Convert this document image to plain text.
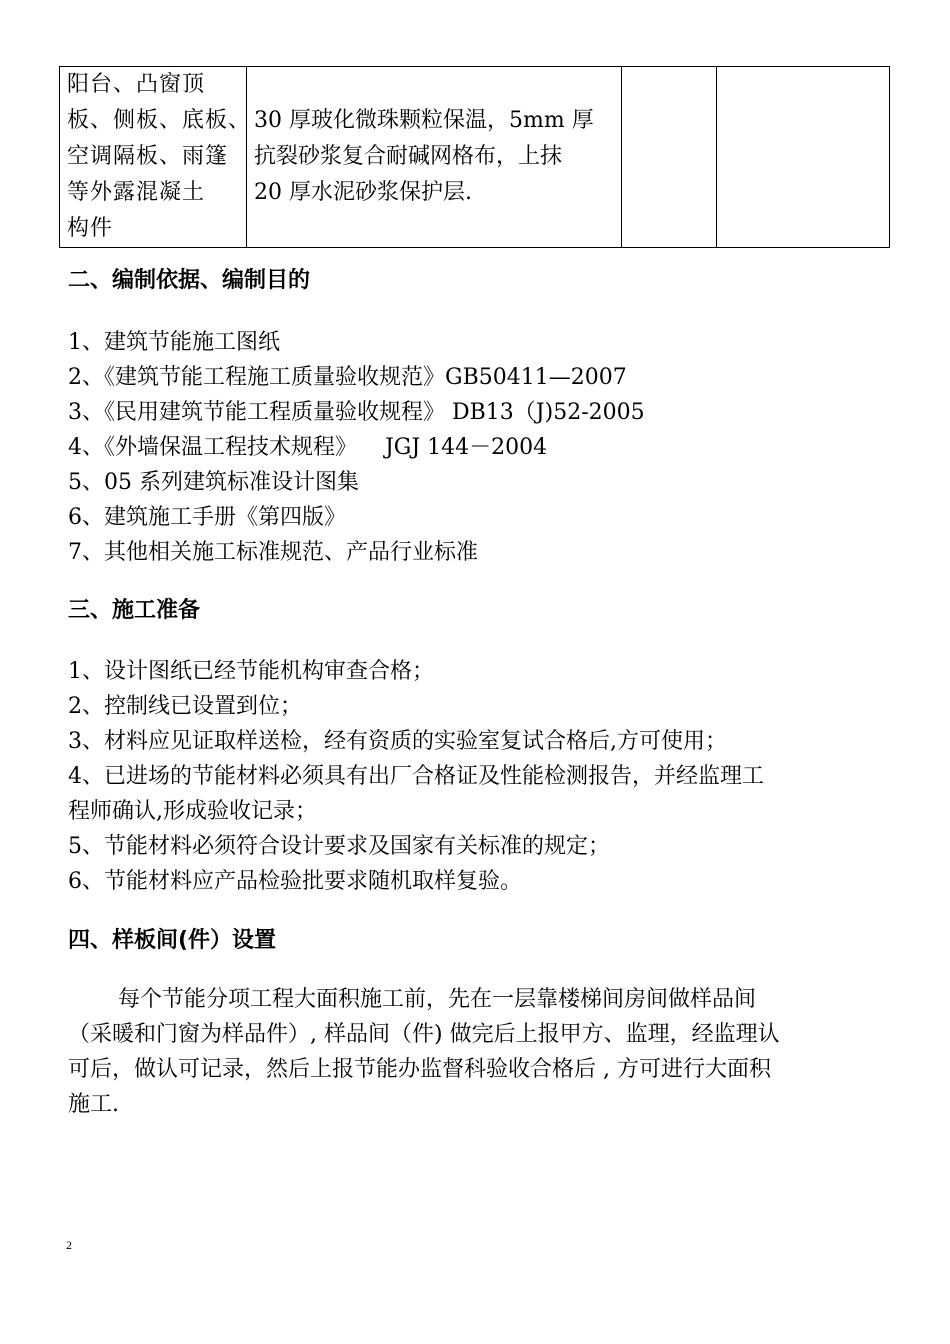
阳台、凸窗顶
板、侧板、底板、
空调隔板、雨篷
等外露混凝土
构件

30 厚玻化微珠颗粒保温，5mm 厚
抗裂砂浆复合耐碱网格布，上抹
20 厚水泥砂浆保护层.

二、编制依据、编制目的
1、建筑节能施工图纸
2、《建筑节能工程施工质量验收规范》GB50411—2007
3、《民用建筑节能工程质量验收规程》 DB13（J)52-2005
4、《外墙保温工程技术规程》    JGJ 144－2004
5、05 系列建筑标准设计图集
6、建筑施工手册《第四版》
7、其他相关施工标准规范、产品行业标准
三、施工准备
1、设计图纸已经节能机构审查合格；
2、控制线已设置到位；
3、材料应见证取样送检，经有资质的实验室复试合格后,方可使用；
4、已进场的节能材料必须具有出厂合格证及性能检测报告，并经监理工
程师确认,形成验收记录；
5、节能材料必须符合设计要求及国家有关标准的规定；
6、节能材料应产品检验批要求随机取样复验。
四、样板间(件）设置
每个节能分项工程大面积施工前，先在一层靠楼梯间房间做样品间
（采暖和门窗为样品件）, 样品间（件) 做完后上报甲方、监理，经监理认
可后，做认可记录，然后上报节能办监督科验收合格后 , 方可进行大面积
施工.
2
